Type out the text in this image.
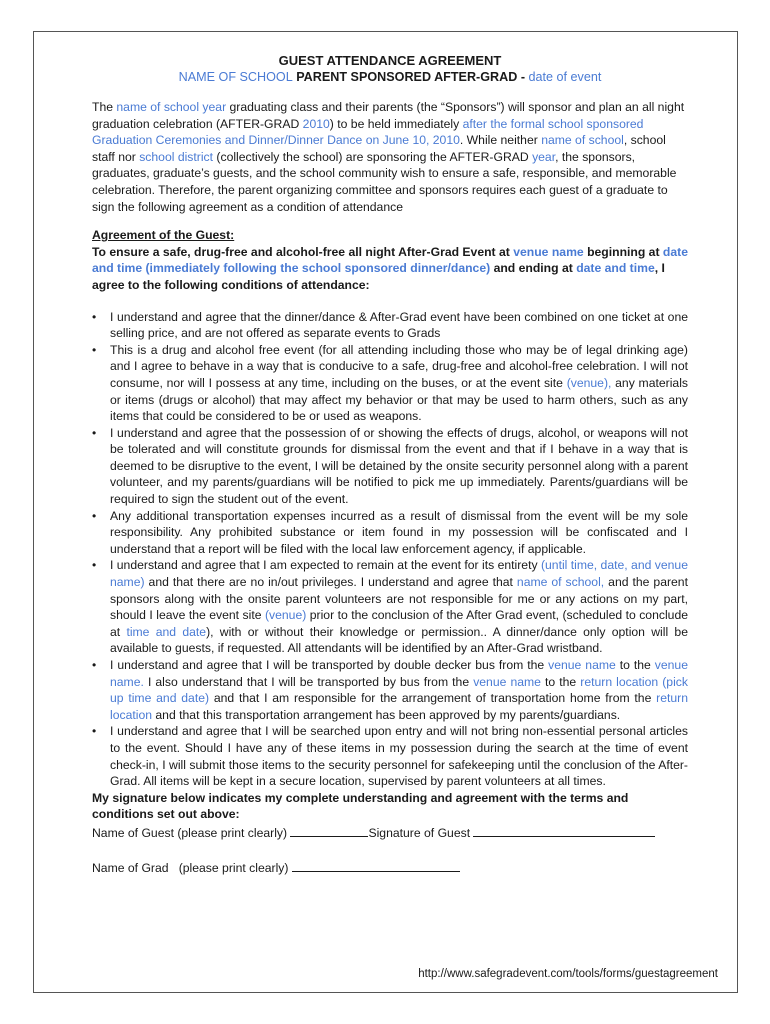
GUEST ATTENDANCE AGREEMENT

NAME OF SCHOOL PARENT SPONSORED AFTER-GRAD - date of event

The name of school year graduating class and their parents (the “Sponsors”) will sponsor and plan an all night graduation celebration (AFTER-GRAD 2010) to be held immediately after the formal school sponsored Graduation Ceremonies and Dinner/Dinner Dance on June 10, 2010. While neither name of school, school staff nor school district (collectively the school) are sponsoring the AFTER-GRAD year, the sponsors, graduates, graduate’s guests, and the school community wish to ensure a safe, responsible, and memorable celebration. Therefore, the parent organizing committee and sponsors requires each guest of a graduate to sign the following agreement as a condition of attendance

Agreement of the Guest:

To ensure a safe, drug-free and alcohol-free all night After-Grad Event at venue name beginning at date and time (immediately following the school sponsored dinner/dance) and ending at date and time, I agree to the following conditions of attendance:

• I understand and agree that the dinner/dance & After-Grad event have been combined on one ticket at one selling price, and are not offered as separate events to Grads
• This is a drug and alcohol free event (for all attending including those who may be of legal drinking age) and I agree to behave in a way that is conducive to a safe, drug-free and alcohol-free celebration. I will not consume, nor will I possess at any time, including on the buses, or at the event site (venue), any materials or items (drugs or alcohol) that may affect my behavior or that may be used to harm others, such as any items that could be considered to be or used as weapons.
• I understand and agree that the possession of or showing the effects of drugs, alcohol, or weapons will not be tolerated and will constitute grounds for dismissal from the event and that if I behave in a way that is deemed to be disruptive to the event, I will be detained by the onsite security personnel along with a parent volunteer, and my parents/guardians will be notified to pick me up immediately. Parents/guardians will be required to sign the student out of the event.
• Any additional transportation expenses incurred as a result of dismissal from the event will be my sole responsibility. Any prohibited substance or item found in my possession will be confiscated and I understand that a report will be filed with the local law enforcement agency, if applicable.
• I understand and agree that I am expected to remain at the event for its entirety (until time, date, and venue name) and that there are no in/out privileges. I understand and agree that name of school, and the parent sponsors along with the onsite parent volunteers are not responsible for me or any actions on my part, should I leave the event site (venue) prior to the conclusion of the After Grad event, (scheduled to conclude at time and date), with or without their knowledge or permission.. A dinner/dance only option will be available to guests, if requested. All attendants will be identified by an After-Grad wristband.
• I understand and agree that I will be transported by double decker bus from the venue name to the venue name. I also understand that I will be transported by bus from the venue name to the return location (pick up time and date) and that I am responsible for the arrangement of transportation home from the return location and that this transportation arrangement has been approved by my parents/guardians.
• I understand and agree that I will be searched upon entry and will not bring non-essential personal articles to the event. Should I have any of these items in my possession during the search at the time of event check-in, I will submit those items to the security personnel for safekeeping until the conclusion of the After-Grad. All items will be kept in a secure location, supervised by parent volunteers at all times.

My signature below indicates my complete understanding and agreement with the terms and conditions set out above:

Name of Guest (please print clearly)	Signature of Guest

Name of Grad   (please print clearly)

http://www.safegradevent.com/tools/forms/guestagreement
